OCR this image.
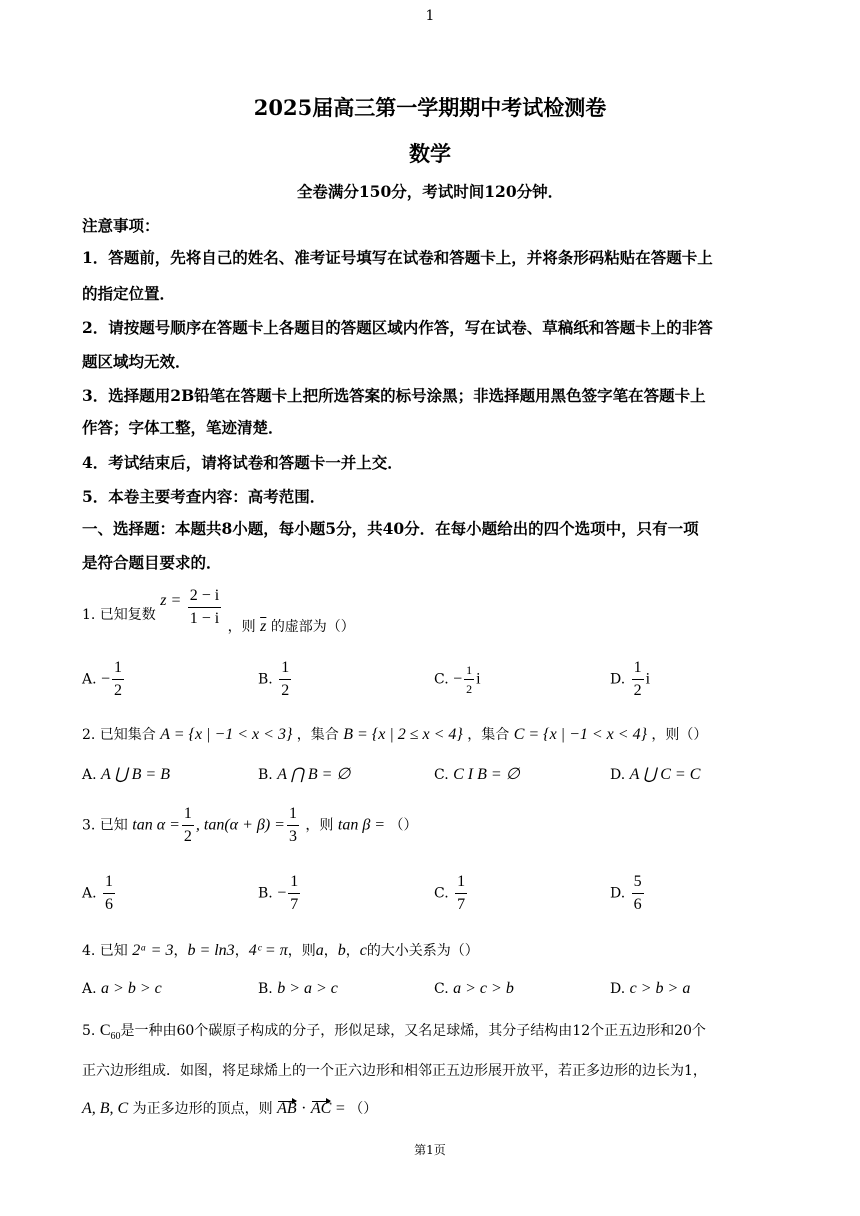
1
2025届高三第一学期期中考试检测卷
数学
全卷满分150分，考试时间120分钟．
注意事项：
1．答题前，先将自己的姓名、准考证号填写在试卷和答题卡上，并将条形码粘贴在答题卡上
的指定位置．
2．请按题号顺序在答题卡上各题目的答题区域内作答，写在试卷、草稿纸和答题卡上的非答
题区域均无效．
3．选择题用2B铅笔在答题卡上把所选答案的标号涂黑；非选择题用黑色签字笔在答题卡上
作答；字体工整，笔迹清楚．
4．考试结束后，请将试卷和答题卡一并上交．
5．本卷主要考查内容：高考范围．
一、选择题：本题共8小题，每小题5分，共40分．在每小题给出的四个选项中，只有一项
是符合题目要求的．
1. 已知复数 $z = \frac{2 - i}{1 - i}$ ，则 $\overline{z}$ 的虚部为（）
A. − $\frac{1}{2}$	B. $\frac{1}{2}$	C. − $\frac{1}{2}$ i	D. $\frac{1}{2}$ i
2. 已知集合 A = {x | −1 < x < 3} ，集合 B = {x | 2 ≤ x < 4} ，集合 C = {x | −1 < x < 4} ，则（）
A. A ⋃ B = B	B. A ⋂ B = ∅	C. C I B = ∅	D. A ⋃ C = C
3. 已知 $\tan \alpha = \frac{1}{2}$ , $\tan(\alpha + \beta) = \frac{1}{3}$ ，则 tan β = （）
A. $\frac{1}{6}$	B. − $\frac{1}{7}$	C. $\frac{1}{7}$	D. $\frac{5}{6}$
4. 已知 2ᵃ = 3，b = ln3，4ᶜ = π，则a，b，c的大小关系为（）
A. a > b > c	B. b > a > c	C. a > c > b	D. c > b > a
5. $C_{60}$是一种由60个碳原子构成的分子，形似足球，又名足球烯，其分子结构由12个正五边形和20个
正六边形组成．如图，将足球烯上的一个正六边形和相邻正五边形展开放平，若正多边形的边长为1，
A, B, C 为正多边形的顶点，则 AB · AC = （）
第1页
